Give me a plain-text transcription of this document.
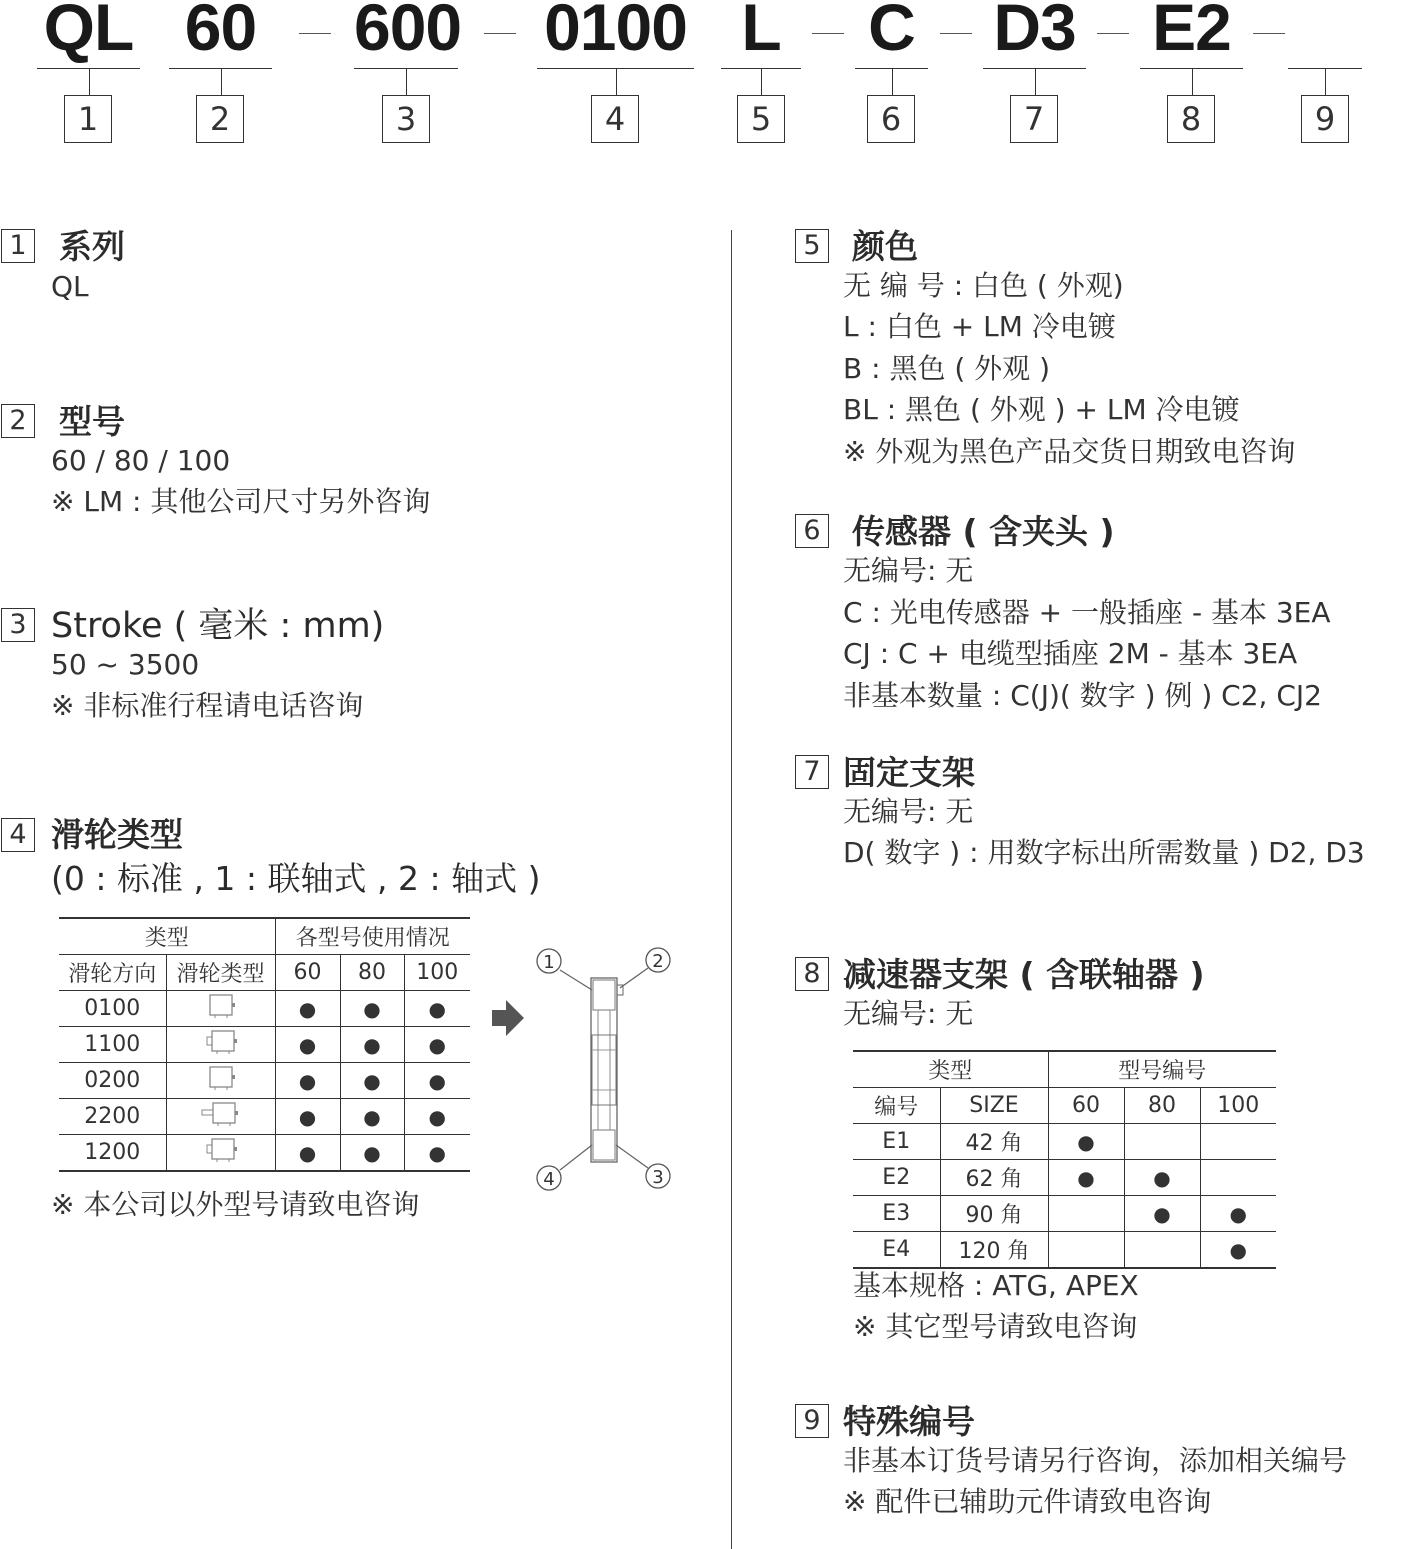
QL
1
60
2
600
3
0100
4
L
5
C
6
D3
7
E2
8	9
1 系列
QL
2 型号
60 / 80 / 100
※ LM : 其他公司尺寸另外咨询
3 Stroke ( 毫米 : mm)
50 ~ 3500
※ 非标准行程请电话咨询
4 滑轮类型
(0 : 标准 , 1 : 联轴式 , 2 : 轴式 )
类型		各型号使用情况		
滑轮方向	滑轮类型	60	80	100
0100		●	●	●
1100		●	●	●
0200		●	●	●
2200		●	●	●
1200		●	●	●
1	2
3
4
※ 本公司以外型号请致电咨询
5 颜色
无 编 号 : 白色 ( 外观)
L : 白色 + LM 冷电镀
B : 黑色 ( 外观 )
BL : 黑色 ( 外观 ) + LM 冷电镀
※ 外观为黑色产品交货日期致电咨询
6 传感器 ( 含夹头 )
无编号: 无
C : 光电传感器 + 一般插座 - 基本 3EA
CJ : C + 电缆型插座 2M - 基本 3EA
非基本数量 : C(J)( 数字 ) 例 ) C2, CJ2
7 固定支架
无编号: 无
D( 数字 ) : 用数字标出所需数量 ) D2, D3
8 减速器支架 ( 含联轴器 )
无编号: 无
类型		型号编号		
编号	SIZE	60	80	100
E1	42 角	●		
E2	62 角	●	●	
E3	90 角		●	●
E4	120 角			●
基本规格 : ATG, APEX
※ 其它型号请致电咨询
9 特殊编号
非基本订货号请另行咨询，添加相关编号
※ 配件已辅助元件请致电咨询
